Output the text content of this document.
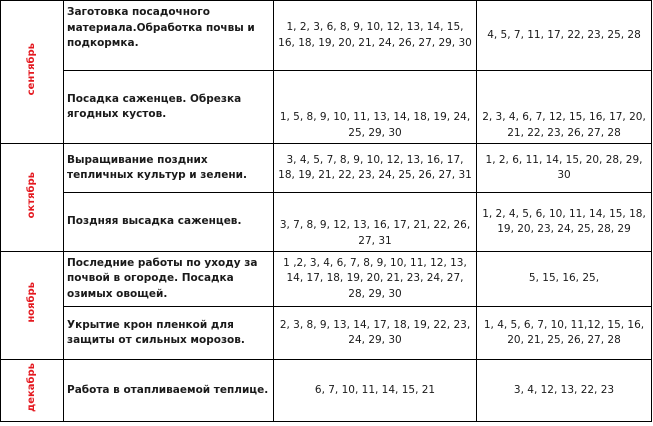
сентябрь	Заготовка посадочного материала.Обработка почвы и подкормка.	1, 2, 3, 6, 8, 9, 10, 12, 13, 14, 15, 16, 18, 19, 20, 21, 24, 26, 27, 29, 30	4, 5, 7, 11, 17, 22, 23, 25, 28
	Посадка саженцев. Обрезка ягодных кустов.	1, 5, 8, 9, 10, 11, 13, 14, 18, 19, 24, 25, 29, 30	2, 3, 4, 6, 7, 12, 15, 16, 17, 20, 21, 22, 23, 26, 27, 28
октябрь	Выращивание поздних тепличных культур и зелени.	3, 4, 5, 7, 8, 9, 10, 12, 13, 16, 17, 18, 19, 21, 22, 23, 24, 25, 26, 27, 31	1, 2, 6, 11, 14, 15, 20, 28, 29, 30
	Поздняя высадка саженцев.	3, 7, 8, 9, 12, 13, 16, 17, 21, 22, 26, 27, 31	1, 2, 4, 5, 6, 10, 11, 14, 15, 18, 19, 20, 23, 24, 25, 28, 29
ноябрь	Последние работы по уходу за почвой в огороде. Посадка озимых овощей.	1 ,2, 3, 4, 6, 7, 8, 9, 10, 11, 12, 13, 14, 17, 18, 19, 20, 21, 23, 24, 27, 28, 29, 30	5, 15, 16, 25,
	Укрытие крон пленкой для защиты от сильных морозов.	2, 3, 8, 9, 13, 14, 17, 18, 19, 22, 23, 24, 29, 30	1, 4, 5, 6, 7, 10, 11,12, 15, 16, 20, 21, 25, 26, 27, 28
декабрь	Работа в отапливаемой теплице.	6, 7, 10, 11, 14, 15, 21	3, 4, 12, 13, 22, 23
